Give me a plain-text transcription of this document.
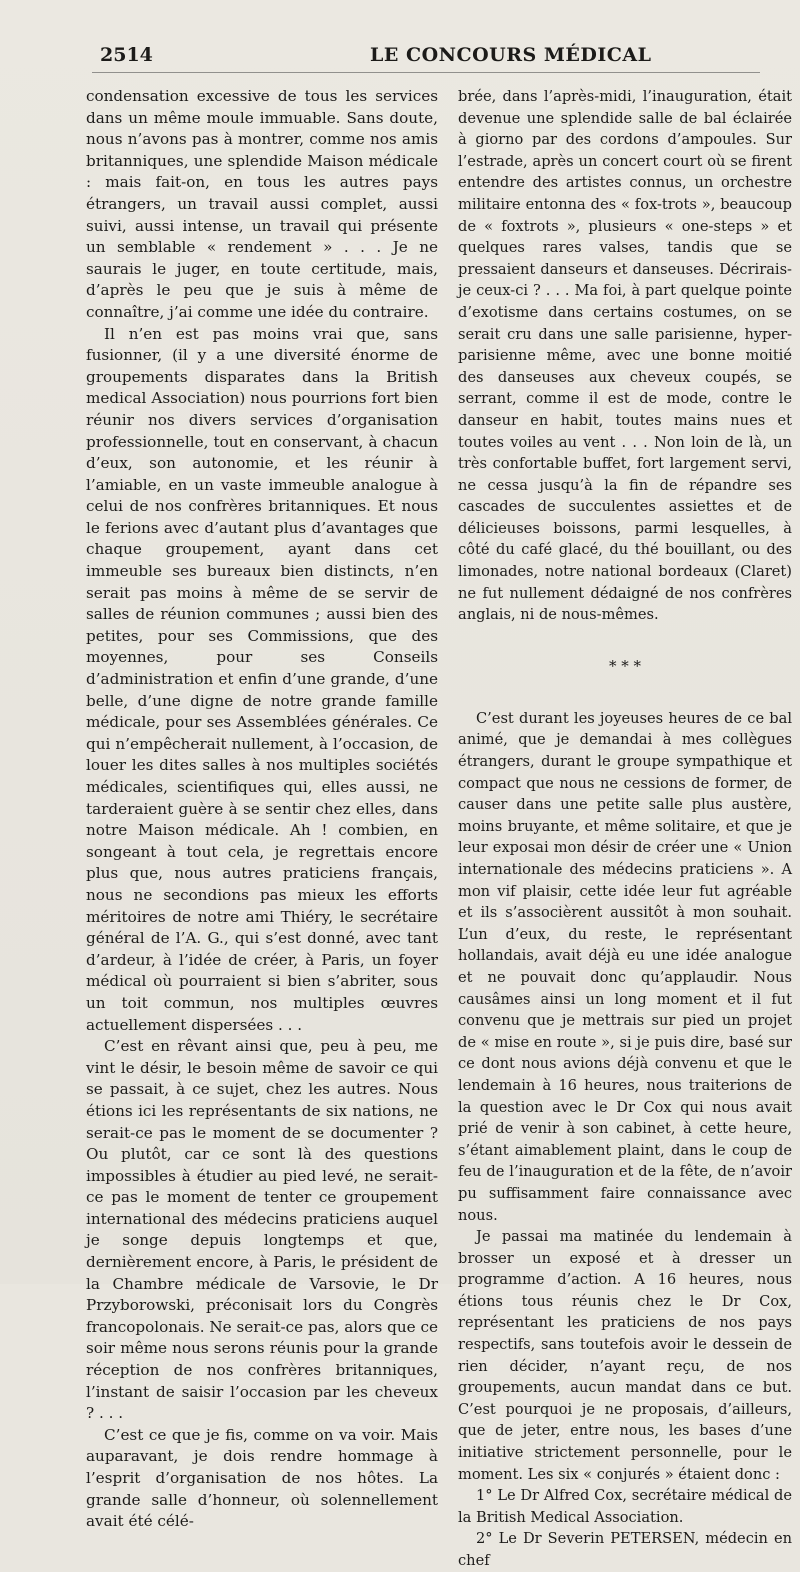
2514	LE CONCOURS MÉDICAL

condensation excessive de tous les services dans un même moule immuable. Sans doute, nous n’avons pas à montrer, comme nos amis britanniques, une splendide Maison médicale : mais fait-on, en tous les autres pays étrangers, un travail aussi complet, aussi suivi, aussi intense, un travail qui présente un semblable « rendement » . . . Je ne saurais le juger, en toute certitude, mais, d’après le peu que je suis à même de connaître, j’ai comme une idée du contraire.

Il n’en est pas moins vrai que, sans fusionner, (il y a une diversité énorme de groupements disparates dans la British medical Association) nous pourrions fort bien réunir nos divers services d’organisation professionnelle, tout en conservant, à chacun d’eux, son autonomie, et les réunir à l’amiable, en un vaste immeuble analogue à celui de nos confrères britanniques. Et nous le ferions avec d’autant plus d’avantages que chaque groupement, ayant dans cet immeuble ses bureaux bien distincts, n’en serait pas moins à même de se servir de salles de réunion communes ; aussi bien des petites, pour ses Commissions, que des moyennes, pour ses Conseils d’administration et enfin d’une grande, d’une belle, d’une digne de notre grande famille médicale, pour ses Assemblées générales. Ce qui n’empêcherait nullement, à l’occasion, de louer les dites salles à nos multiples sociétés médicales, scientifiques qui, elles aussi, ne tarderaient guère à se sentir chez elles, dans notre Maison médicale. Ah ! combien, en songeant à tout cela, je regrettais encore plus que, nous autres praticiens français, nous ne secondions pas mieux les efforts méritoires de notre ami Thiéry, le secrétaire général de l’A. G., qui s’est donné, avec tant d’ardeur, à l’idée de créer, à Paris, un foyer médical où pourraient si bien s’abriter, sous un toit commun, nos multiples œuvres actuellement dispersées . . .

C’est en rêvant ainsi que, peu à peu, me vint le désir, le besoin même de savoir ce qui se passait, à ce sujet, chez les autres. Nous étions ici les représentants de six nations, ne serait-ce pas le moment de se documenter ? Ou plutôt, car ce sont là des questions impossibles à étudier au pied levé, ne serait-ce pas le moment de tenter ce groupement international des médecins praticiens auquel je songe depuis longtemps et que, dernièrement encore, à Paris, le président de la Chambre médicale de Varsovie, le Dr Przyborowski, préconisait lors du Congrès francopolonais. Ne serait-ce pas, alors que ce soir même nous serons réunis pour la grande réception de nos confrères britanniques, l’instant de saisir l’occasion par les cheveux ? . . .

C’est ce que je fis, comme on va voir. Mais auparavant, je dois rendre hommage à l’esprit d’organisation de nos hôtes. La grande salle d’honneur, où solennellement avait été célé-

brée, dans l’après-midi, l’inauguration, était devenue une splendide salle de bal éclairée à giorno par des cordons d’ampoules. Sur l’estrade, après un concert court où se firent entendre des artistes connus, un orchestre militaire entonna des « fox-trots », beaucoup de « foxtrots », plusieurs « one-steps » et quelques rares valses, tandis que se pressaient danseurs et danseuses. Décrirais-je ceux-ci ? . . . Ma foi, à part quelque pointe d’exotisme dans certains costumes, on se serait cru dans une salle parisienne, hyper-parisienne même, avec une bonne moitié des danseuses aux cheveux coupés, se serrant, comme il est de mode, contre le danseur en habit, toutes mains nues et toutes voiles au vent . . . Non loin de là, un très confortable buffet, fort largement servi, ne cessa jusqu’à la fin de répandre ses cascades de succulentes assiettes et de délicieuses boissons, parmi lesquelles, à côté du café glacé, du thé bouillant, ou des limonades, notre national bordeaux (Claret) ne fut nullement dédaigné de nos confrères anglais, ni de nous-mêmes.

* * *

C’est durant les joyeuses heures de ce bal animé, que je demandai à mes collègues étrangers, durant le groupe sympathique et compact que nous ne cessions de former, de causer dans une petite salle plus austère, moins bruyante, et même solitaire, et que je leur exposai mon désir de créer une « Union internationale des médecins praticiens ». A mon vif plaisir, cette idée leur fut agréable et ils s’associèrent aussitôt à mon souhait. L’un d’eux, du reste, le représentant hollandais, avait déjà eu une idée analogue et ne pouvait donc qu’applaudir. Nous causâmes ainsi un long moment et il fut convenu que je mettrais sur pied un projet de « mise en route », si je puis dire, basé sur ce dont nous avions déjà convenu et que le lendemain à 16 heures, nous traiterions de la question avec le Dr Cox qui nous avait prié de venir à son cabinet, à cette heure, s’étant aimablement plaint, dans le coup de feu de l’inauguration et de la fête, de n’avoir pu suffisamment faire connaissance avec nous.

Je passai ma matinée du lendemain à brosser un exposé et à dresser un programme d’action. A 16 heures, nous étions tous réunis chez le Dr Cox, représentant les praticiens de nos pays respectifs, sans toutefois avoir le dessein de rien décider, n’ayant reçu, de nos groupements, aucun mandat dans ce but. C’est pourquoi je ne proposais, d’ailleurs, que de jeter, entre nous, les bases d’une initiative strictement personnelle, pour le moment. Les six « conjurés » étaient donc :

1° Le Dr Alfred Cox, secrétaire médical de la British Medical Association.

2° Le Dr Severin PETERSEN, médecin en chef
